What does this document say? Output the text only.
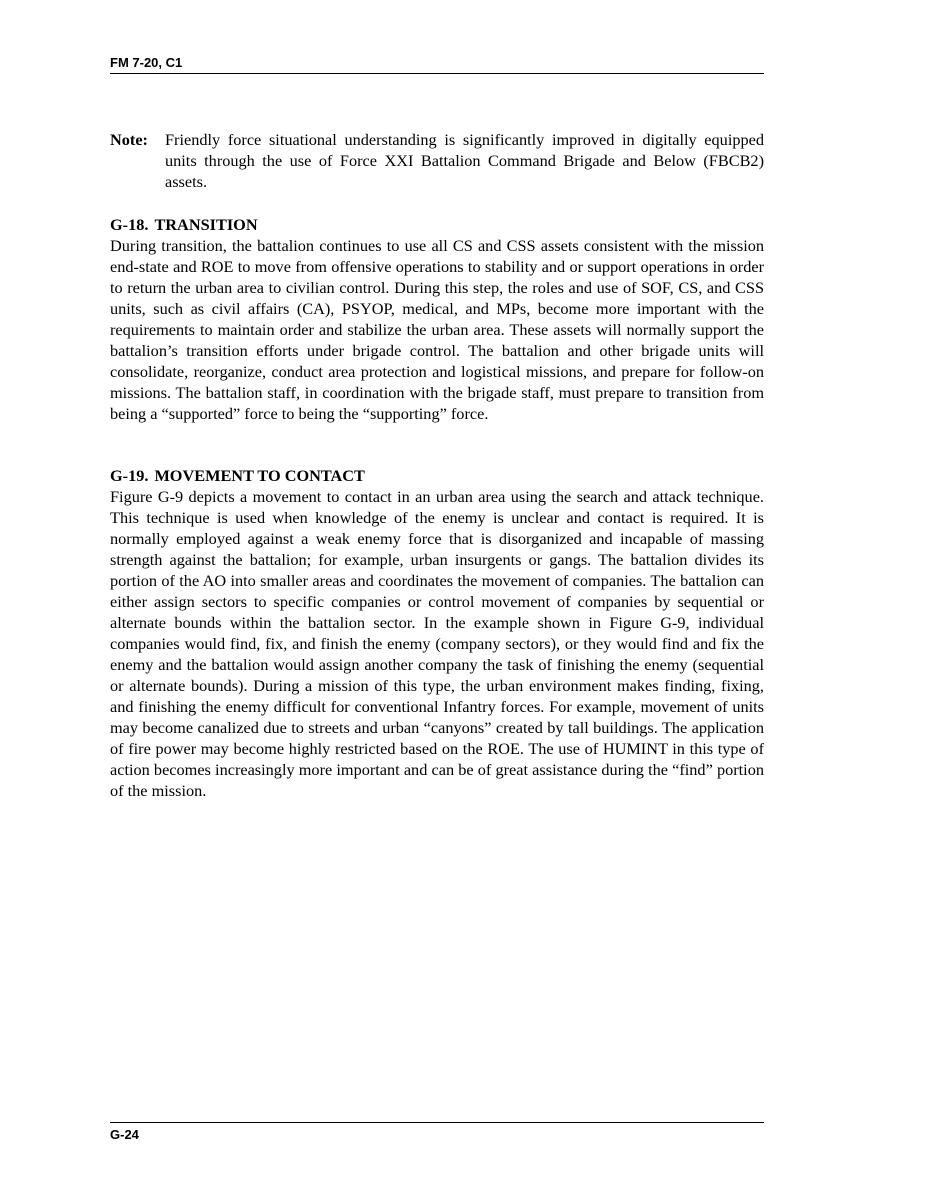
FM 7-20, C1
Note: Friendly force situational understanding is significantly improved in digitally equipped units through the use of Force XXI Battalion Command Brigade and Below (FBCB2) assets.
G-18. TRANSITION

During transition, the battalion continues to use all CS and CSS assets consistent with the mission end-state and ROE to move from offensive operations to stability and or support operations in order to return the urban area to civilian control. During this step, the roles and use of SOF, CS, and CSS units, such as civil affairs (CA), PSYOP, medical, and MPs, become more important with the requirements to maintain order and stabilize the urban area. These assets will normally support the battalion’s transition efforts under brigade control. The battalion and other brigade units will consolidate, reorganize, conduct area protection and logistical missions, and prepare for follow-on missions. The battalion staff, in coordination with the brigade staff, must prepare to transition from being a “supported” force to being the “supporting” force.

G-19. MOVEMENT TO CONTACT

Figure G-9 depicts a movement to contact in an urban area using the search and attack technique. This technique is used when knowledge of the enemy is unclear and contact is required. It is normally employed against a weak enemy force that is disorganized and incapable of massing strength against the battalion; for example, urban insurgents or gangs. The battalion divides its portion of the AO into smaller areas and coordinates the movement of companies. The battalion can either assign sectors to specific companies or control movement of companies by sequential or alternate bounds within the battalion sector. In the example shown in Figure G-9, individual companies would find, fix, and finish the enemy (company sectors), or they would find and fix the enemy and the battalion would assign another company the task of finishing the enemy (sequential or alternate bounds). During a mission of this type, the urban environment makes finding, fixing, and finishing the enemy difficult for conventional Infantry forces. For example, movement of units may become canalized due to streets and urban “canyons” created by tall buildings. The application of fire power may become highly restricted based on the ROE. The use of HUMINT in this type of action becomes increasingly more important and can be of great assistance during the “find” portion of the mission.

G-24
